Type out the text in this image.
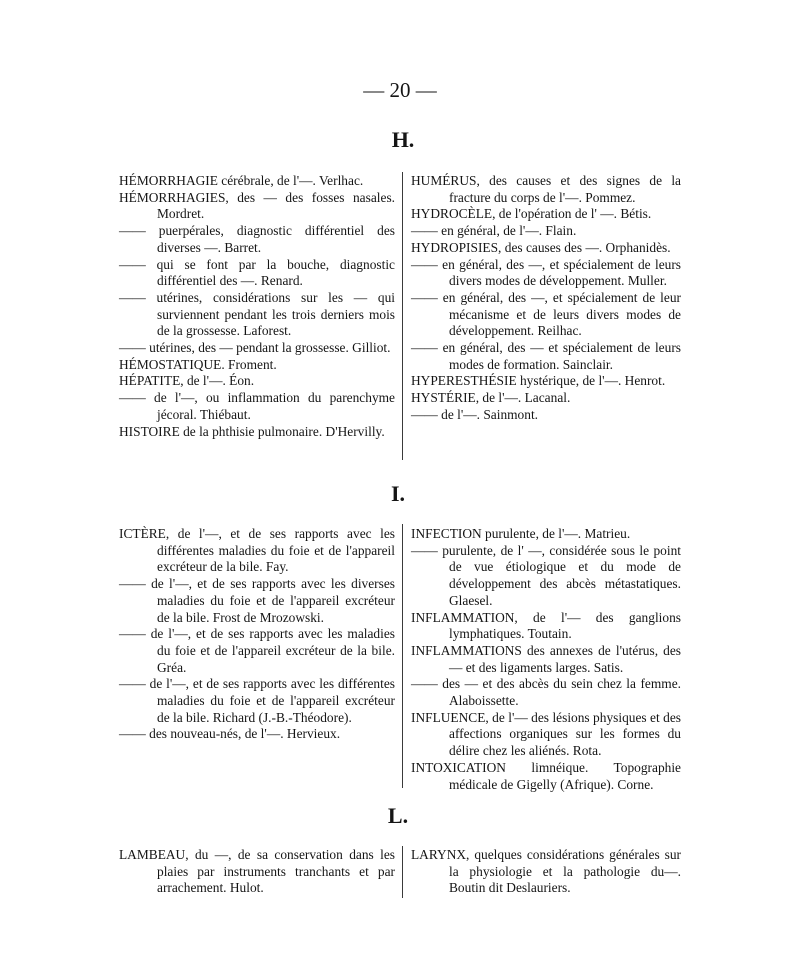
— 20 —
H.
HÉMORRHAGIE cérébrale, de l'—. Verlhac.
HÉMORRHAGIES, des — des fosses nasales. Mordret.
—— puerpérales, diagnostic différentiel des diverses —. Barret.
—— qui se font par la bouche, diagnostic différentiel des —. Renard.
—— utérines, considérations sur les — qui surviennent pendant les trois derniers mois de la grossesse. Laforest.
—— utérines, des — pendant la grossesse. Gilliot.
HÉMOSTATIQUE. Froment.
HÉPATITE, de l'—. Éon.
—— de l'—, ou inflammation du parenchyme jécoral. Thiébaut.
HISTOIRE de la phthisie pulmonaire. D'Hervilly.
HUMÉRUS, des causes et des signes de la fracture du corps de l'—. Pommez.
HYDROCÈLE, de l'opération de l' —. Bétis.
—— en général, de l'—. Flain.
HYDROPISIES, des causes des —. Orphanidès.
—— en général, des —, et spécialement de leurs divers modes de développement. Muller.
—— en général, des —, et spécialement de leur mécanisme et de leurs divers modes de développement. Reilhac.
—— en général, des — et spécialement de leurs modes de formation. Sainclair.
HYPERESTHÉSIE hystérique, de l'—. Henrot.
HYSTÉRIE, de l'—. Lacanal.
—— de l'—. Sainmont.
I.
ICTÈRE, de l'—, et de ses rapports avec les différentes maladies du foie et de l'appareil excréteur de la bile. Fay.
—— de l'—, et de ses rapports avec les diverses maladies du foie et de l'appareil excréteur de la bile. Frost de Mrozowski.
—— de l'—, et de ses rapports avec les maladies du foie et de l'appareil excréteur de la bile. Gréa.
—— de l'—, et de ses rapports avec les différentes maladies du foie et de l'appareil excréteur de la bile. Richard (J.-B.-Théodore).
—— des nouveau-nés, de l'—. Hervieux.
INFECTION purulente, de l'—. Matrieu.
—— purulente, de l' —, considérée sous le point de vue étiologique et du mode de développement des abcès métastatiques. Glaesel.
INFLAMMATION, de l'— des ganglions lymphatiques. Toutain.
INFLAMMATIONS des annexes de l'utérus, des — et des ligaments larges. Satis.
—— des — et des abcès du sein chez la femme. Alaboissette.
INFLUENCE, de l'— des lésions physiques et des affections organiques sur les formes du délire chez les aliénés. Rota.
INTOXICATION limnéique. Topographie médicale de Gigelly (Afrique). Corne.
L.
LAMBEAU, du —, de sa conservation dans les plaies par instruments tranchants et par arrachement. Hulot.
LARYNX, quelques considérations générales sur la physiologie et la pathologie du—. Boutin dit Deslauriers.
